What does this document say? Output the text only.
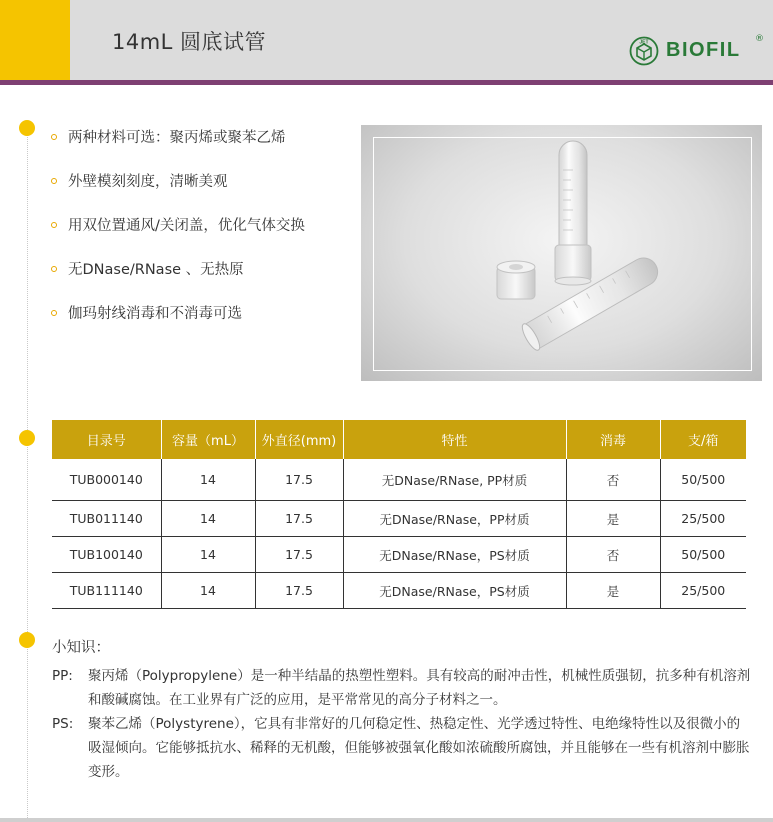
14mL 圆底试管	JET BIOFIL ®
两种材料可选：聚丙烯或聚苯乙烯
外壁模刻刻度，清晰美观
用双位置通风/关闭盖，优化气体交换
无DNase/RNase 、无热原
伽玛射线消毒和不消毒可选
目录号	容量（mL）	外直径(mm)	特性	消毒	支/箱
TUB000140	14	17.5	无DNase/RNase, PP材质	否	50/500
TUB011140	14	17.5	无DNase/RNase，PP材质	是	25/500
TUB100140	14	17.5	无DNase/RNase，PS材质	否	50/500
TUB111140	14	17.5	无DNase/RNase，PS材质	是	25/500
小知识：
PP: 聚丙烯（Polypropylene）是一种半结晶的热塑性塑料。具有较高的耐冲击性，机械性质强韧，抗多种有机溶剂和酸碱腐蚀。在工业界有广泛的应用，是平常常见的高分子材料之一。
PS: 聚苯乙烯（Polystyrene），它具有非常好的几何稳定性、热稳定性、光学透过特性、电绝缘特性以及很微小的吸湿倾向。它能够抵抗水、稀释的无机酸，但能够被强氧化酸如浓硫酸所腐蚀，并且能够在一些有机溶剂中膨胀变形。
